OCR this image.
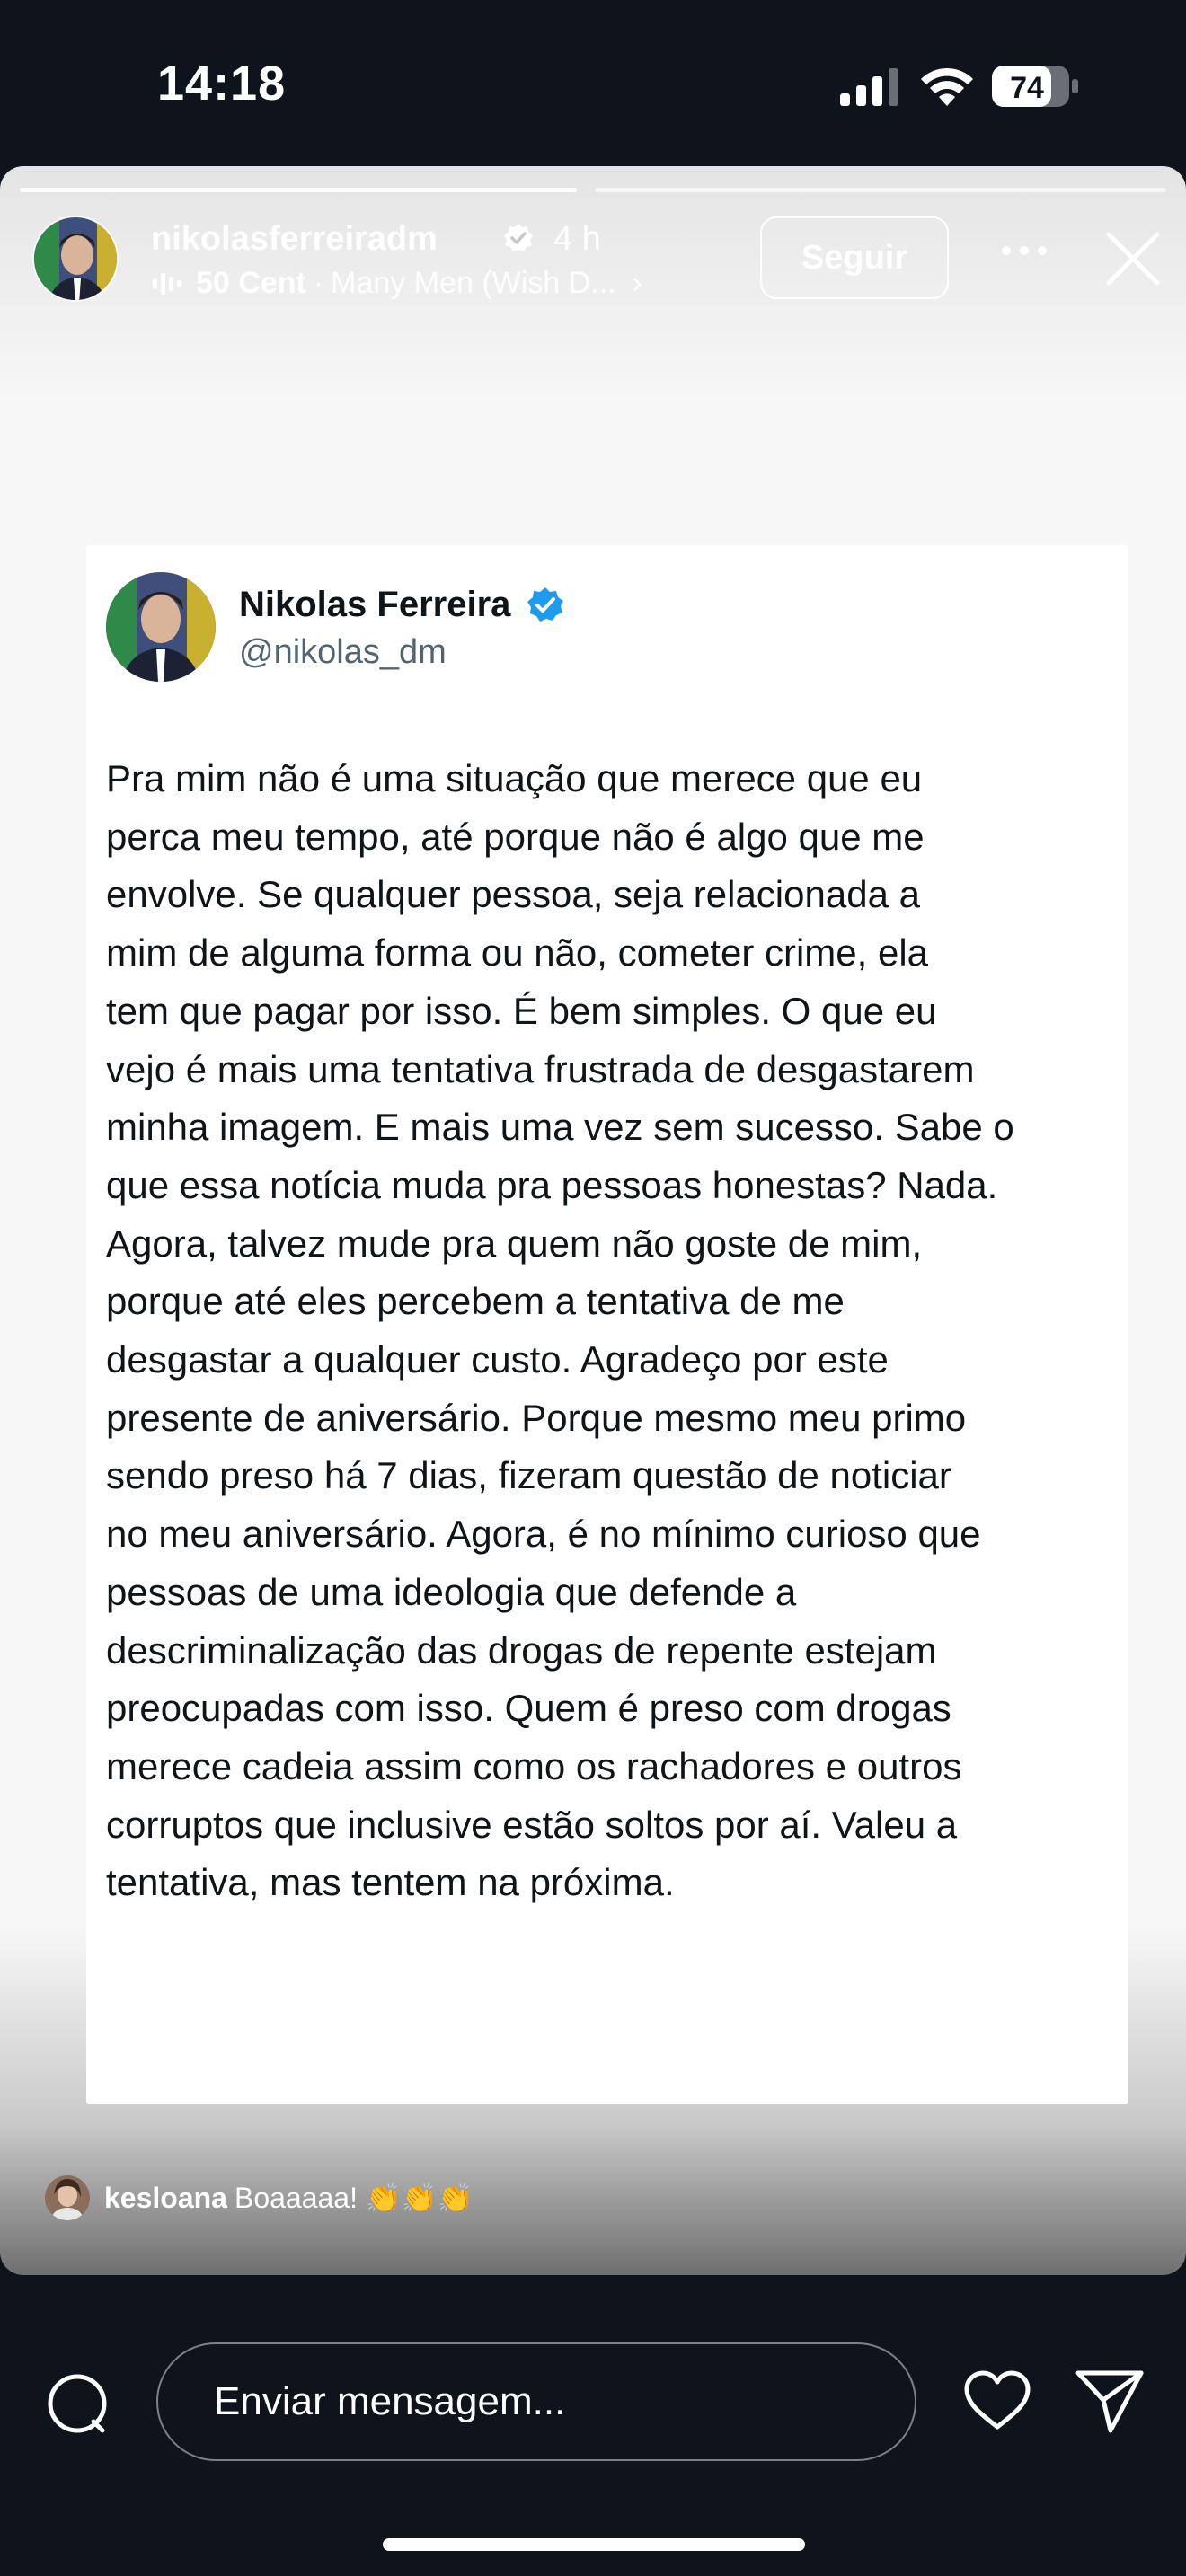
14:18	74
nikolasferreiradm	4 h
50 Cent · Many Men (Wish D... ›
Seguir
Nikolas Ferreira
@nikolas_dm
Pra mim não é uma situação que merece que eu
perca meu tempo, até porque não é algo que me
envolve. Se qualquer pessoa, seja relacionada a
mim de alguma forma ou não, cometer crime, ela
tem que pagar por isso. É bem simples. O que eu
vejo é mais uma tentativa frustrada de desgastarem
minha imagem. E mais uma vez sem sucesso. Sabe o
que essa notícia muda pra pessoas honestas? Nada.
Agora, talvez mude pra quem não goste de mim,
porque até eles percebem a tentativa de me
desgastar a qualquer custo. Agradeço por este
presente de aniversário. Porque mesmo meu primo
sendo preso há 7 dias, fizeram questão de noticiar
no meu aniversário. Agora, é no mínimo curioso que
pessoas de uma ideologia que defende a
descriminalização das drogas de repente estejam
preocupadas com isso. Quem é preso com drogas
merece cadeia assim como os rachadores e outros
corruptos que inclusive estão soltos por aí. Valeu a
tentativa, mas tentem na próxima.
kesloana Boaaaaa! 👏👏👏
Enviar mensagem...
